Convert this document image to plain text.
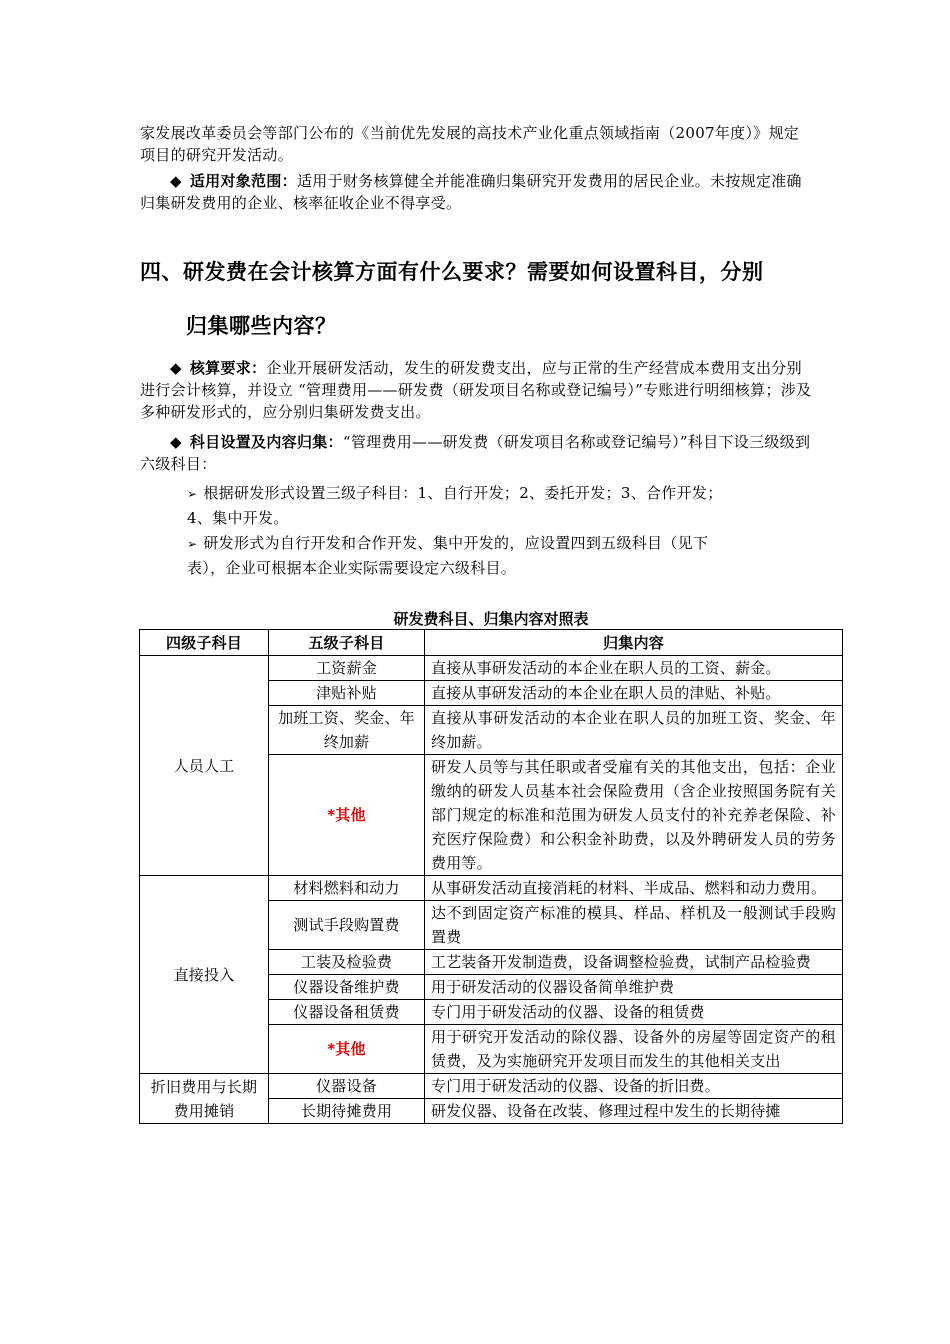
家发展改革委员会等部门公布的《当前优先发展的高技术产业化重点领域指南（2007年度）》规定项目的研究开发活动。
◆ 适用对象范围：适用于财务核算健全并能准确归集研究开发费用的居民企业。未按规定准确归集研发费用的企业、核率征收企业不得享受。
四、研发费在会计核算方面有什么要求？需要如何设置科目，分别
归集哪些内容？
◆ 核算要求：企业开展研发活动，发生的研发费支出，应与正常的生产经营成本费用支出分别进行会计核算，并设立 “管理费用——研发费（研发项目名称或登记编号）”专账进行明细核算；涉及多种研发形式的，应分别归集研发费支出。
◆ 科目设置及内容归集：“管理费用——研发费（研发项目名称或登记编号）”科目下设三级级到六级科目：
➢ 根据研发形式设置三级子科目：1、自行开发；2、委托开发；3、合作开发；
4、集中开发。
➢ 研发形式为自行开发和合作开发、集中开发的，应设置四到五级科目（见下
表），企业可根据本企业实际需要设定六级科目。
研发费科目、归集内容对照表
四级子科目	五级子科目	归集内容
人员人工	工资薪金	直接从事研发活动的本企业在职人员的工资、薪金。
	津贴补贴	直接从事研发活动的本企业在职人员的津贴、补贴。
	加班工资、奖金、年终加薪	直接从事研发活动的本企业在职人员的加班工资、奖金、年终加薪。
	*其他	研发人员等与其任职或者受雇有关的其他支出，包括：企业缴纳的研发人员基本社会保险费用（含企业按照国务院有关部门规定的标准和范围为研发人员支付的补充养老保险、补充医疗保险费）和公积金补助费，以及外聘研发人员的劳务费用等。
直接投入	材料燃料和动力	从事研发活动直接消耗的材料、半成品、燃料和动力费用。
	测试手段购置费	达不到固定资产标准的模具、样品、样机及一般测试手段购置费
	工装及检验费	工艺装备开发制造费，设备调整检验费，试制产品检验费
	仪器设备维护费	用于研发活动的仪器设备简单维护费
	仪器设备租赁费	专门用于研发活动的仪器、设备的租赁费
	*其他	用于研究开发活动的除仪器、设备外的房屋等固定资产的租赁费，及为实施研究开发项目而发生的其他相关支出
折旧费用与长期费用摊销	仪器设备	专门用于研发活动的仪器、设备的折旧费。
	长期待摊费用	研发仪器、设备在改装、修理过程中发生的长期待摊
